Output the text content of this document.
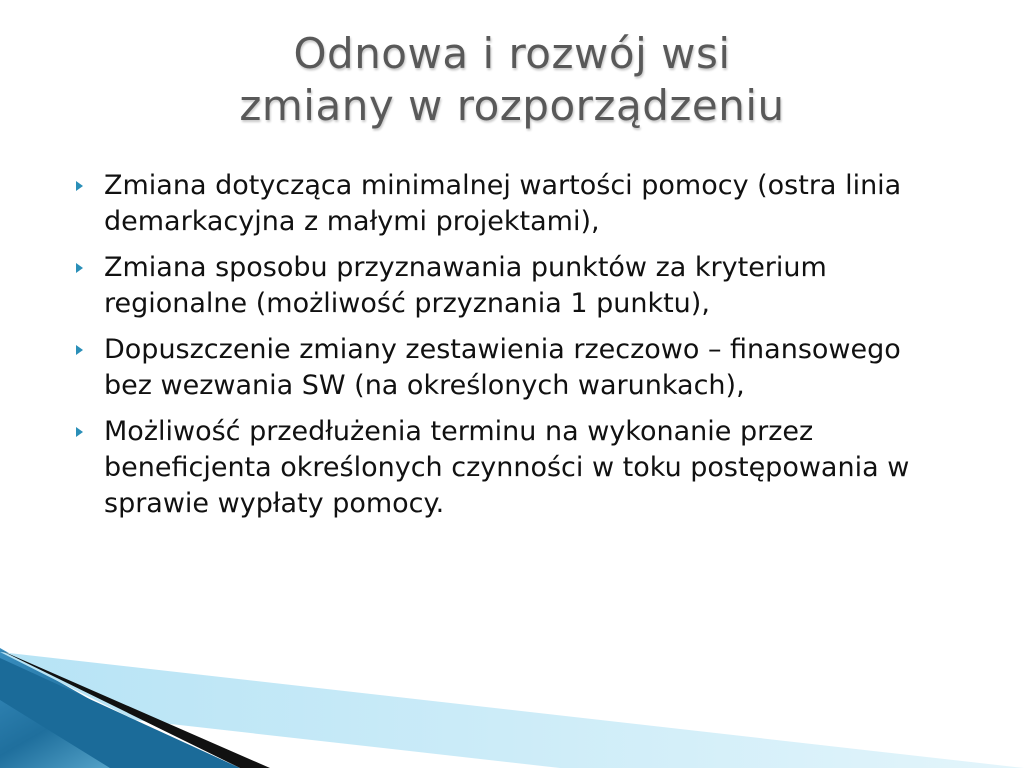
Odnowa i rozwój wsi
zmiany w rozporządzeniu
Zmiana dotycząca minimalnej wartości pomocy (ostra linia demarkacyjna z małymi projektami),
Zmiana sposobu przyznawania punktów za kryterium regionalne (możliwość przyznania 1 punktu),
Dopuszczenie zmiany zestawienia rzeczowo – finansowego bez wezwania SW (na określonych warunkach),
Możliwość przedłużenia terminu na wykonanie przez beneficjenta określonych czynności w toku postępowania w sprawie wypłaty pomocy.
